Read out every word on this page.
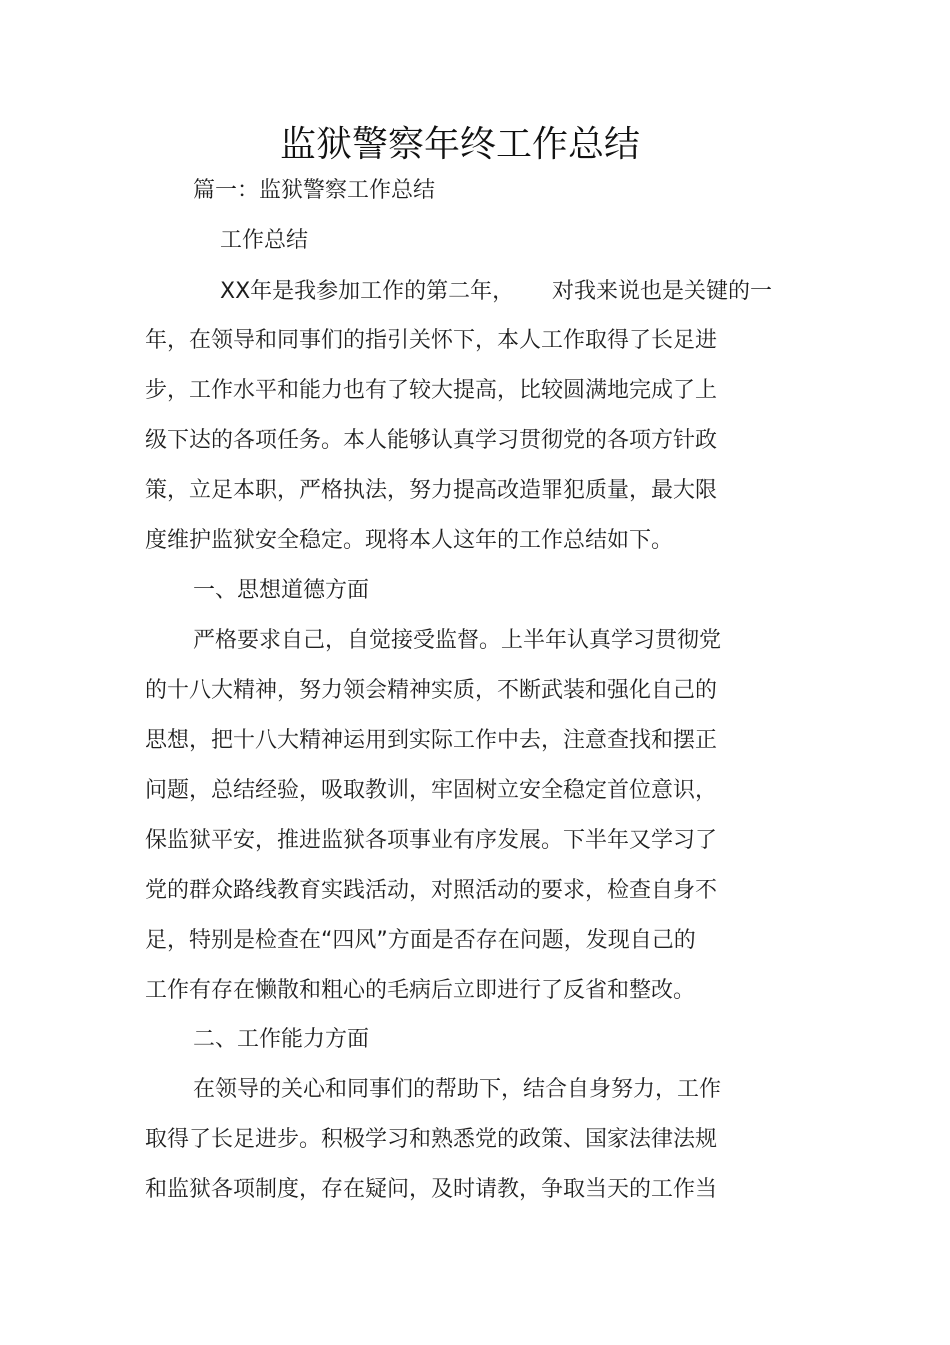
监狱警察年终工作总结
篇一：监狱警察工作总结
工作总结
XX年是我参加工作的第二年， 对我来说也是关键的一
年，在领导和同事们的指引关怀下，本人工作取得了长足进
步，工作水平和能力也有了较大提高，比较圆满地完成了上
级下达的各项任务。本人能够认真学习贯彻党的各项方针政
策，立足本职，严格执法，努力提高改造罪犯质量，最大限
度维护监狱安全稳定。现将本人这年的工作总结如下。
一、思想道德方面
严格要求自己，自觉接受监督。上半年认真学习贯彻党
的十八大精神，努力领会精神实质，不断武装和强化自己的
思想，把十八大精神运用到实际工作中去，注意查找和摆正
问题，总结经验，吸取教训，牢固树立安全稳定首位意识，
保监狱平安，推进监狱各项事业有序发展。下半年又学习了
党的群众路线教育实践活动，对照活动的要求，检查自身不
足，特别是检查在“四风”方面是否存在问题，发现自己的
工作有存在懒散和粗心的毛病后立即进行了反省和整改。
二、工作能力方面
在领导的关心和同事们的帮助下，结合自身努力，工作
取得了长足进步。积极学习和熟悉党的政策、国家法律法规
和监狱各项制度，存在疑问，及时请教，争取当天的工作当
